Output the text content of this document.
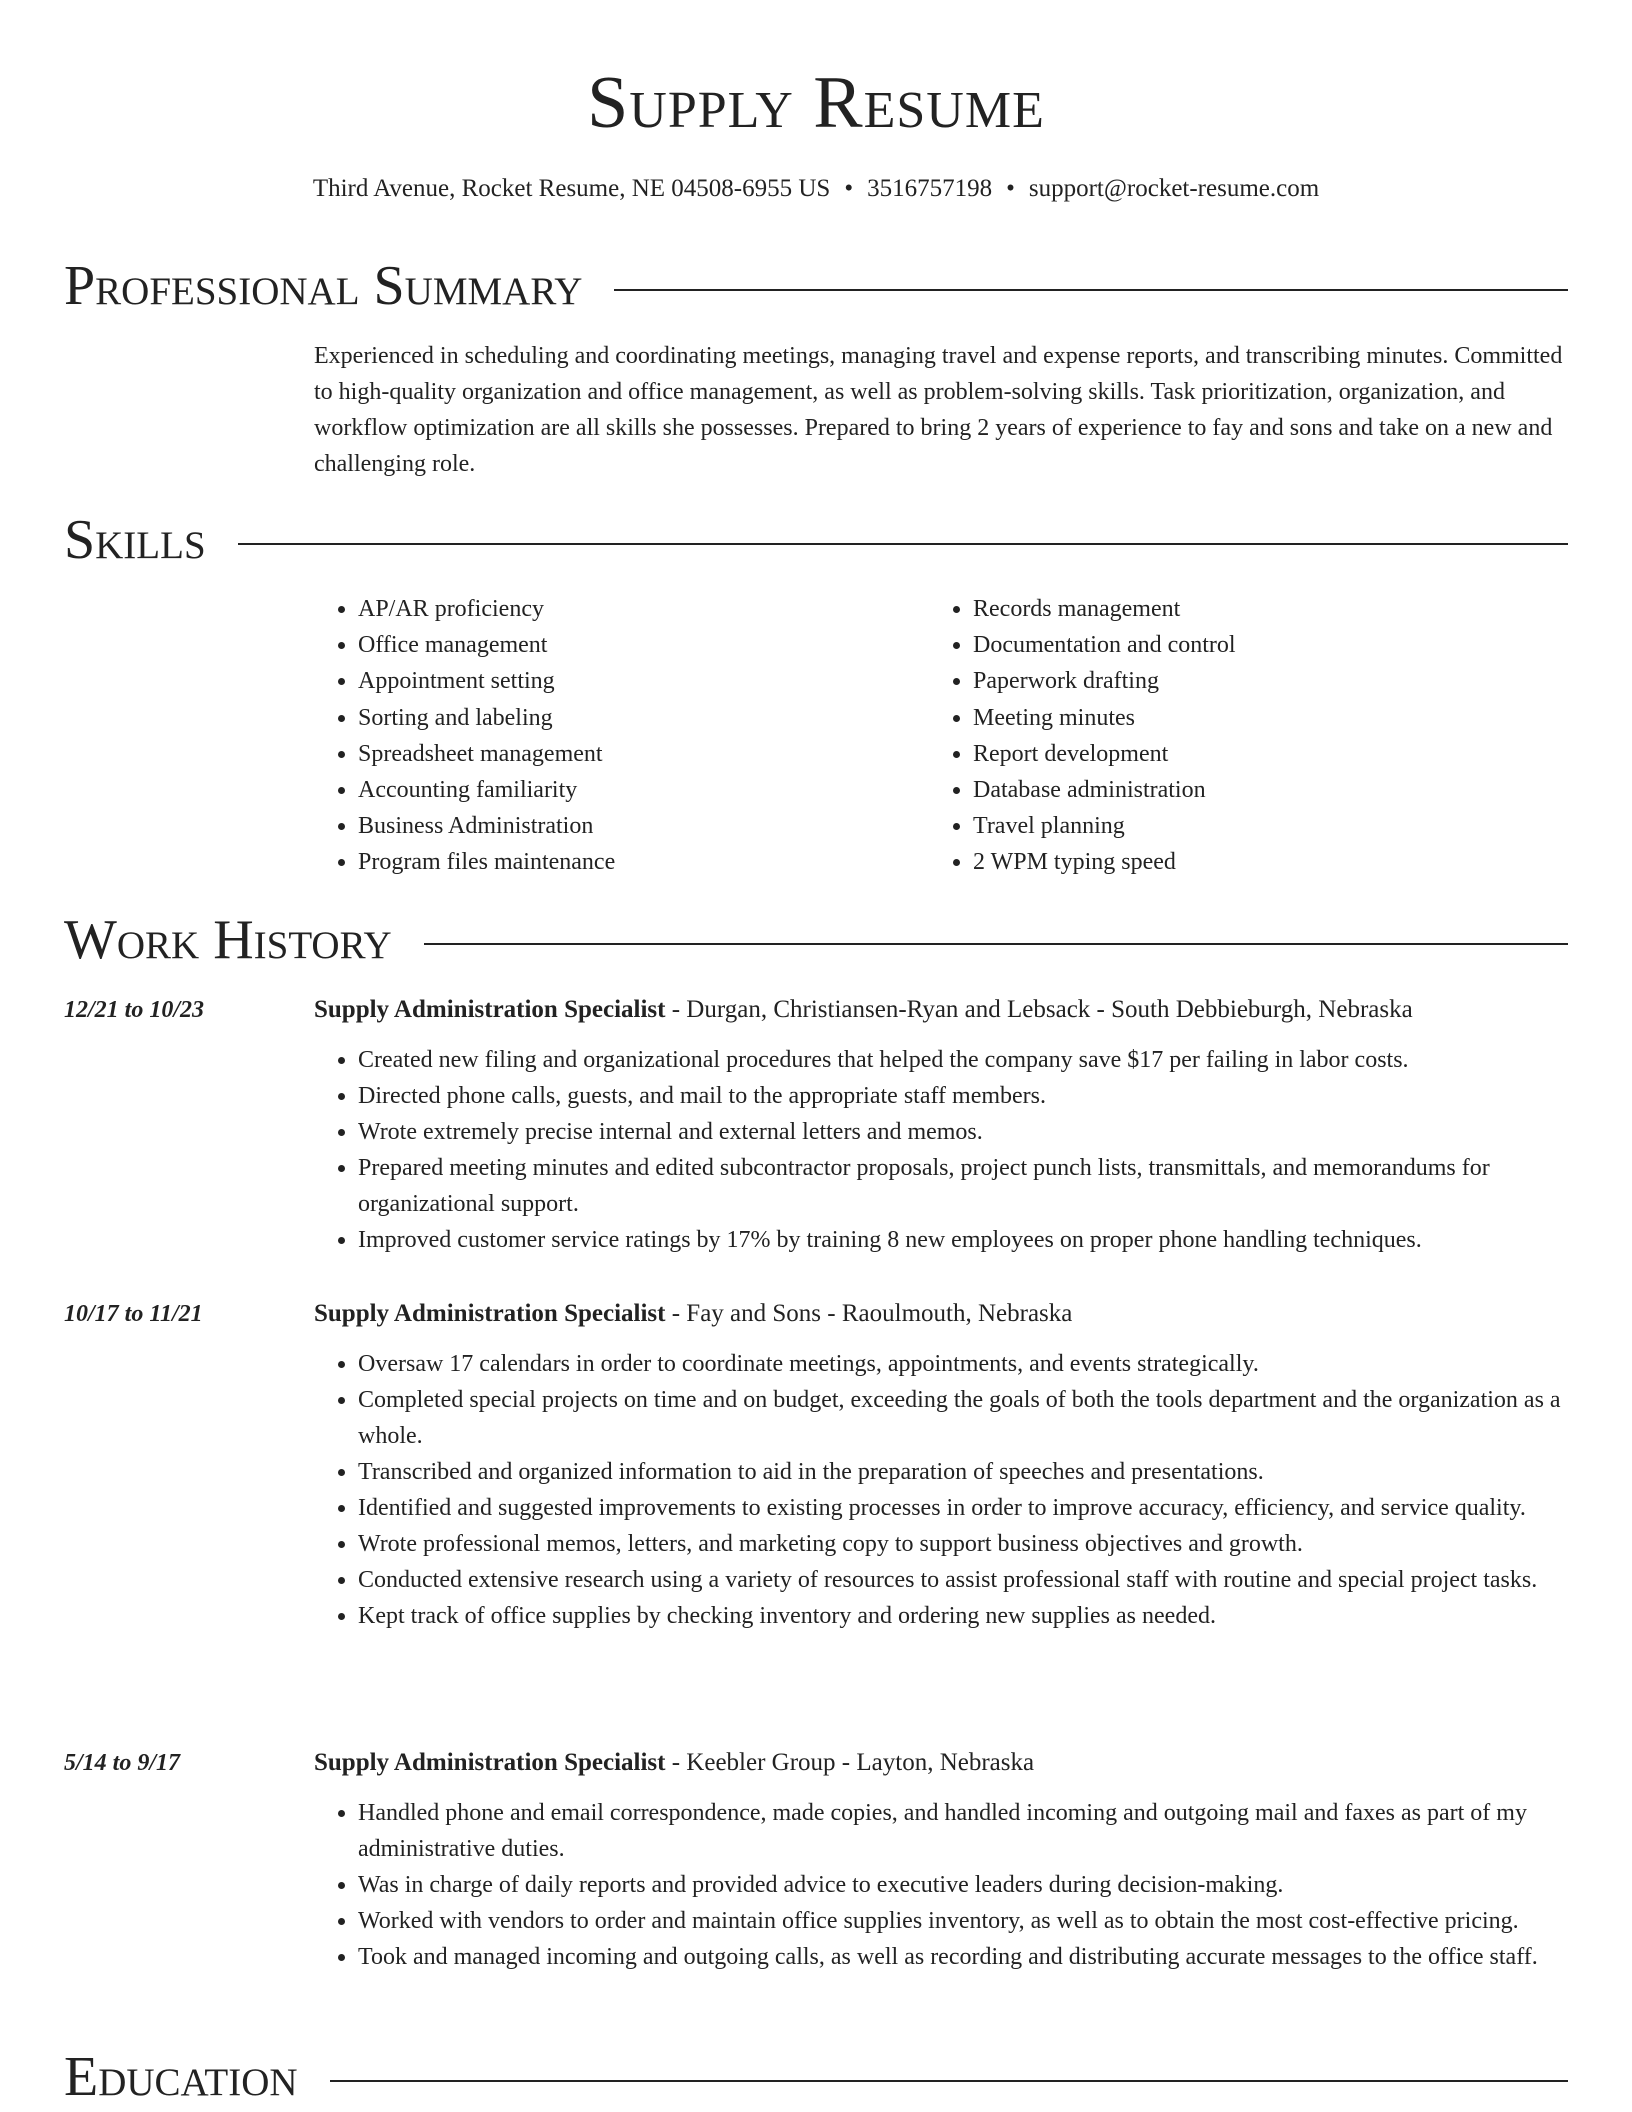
Supply Resume
Third Avenue, Rocket Resume, NE 04508-6955 US • 3516757198 • support@rocket-resume.com
Professional Summary

Experienced in scheduling and coordinating meetings, managing travel and expense reports, and transcribing minutes. Committed to high-quality organization and office management, as well as problem-solving skills. Task prioritization, organization, and workflow optimization are all skills she possesses. Prepared to bring 2 years of experience to fay and sons and take on a new and challenging role.

Skills
• AP/AR proficiency
• Office management
• Appointment setting
• Sorting and labeling
• Spreadsheet management
• Accounting familiarity
• Business Administration
• Program files maintenance
• Records management
• Documentation and control
• Paperwork drafting
• Meeting minutes
• Report development
• Database administration
• Travel planning
• 2 WPM typing speed
Work History
12/21 to 10/23	Supply Administration Specialist - Durgan, Christiansen-Ryan and Lebsack - South Debbieburgh, Nebraska
• Created new filing and organizational procedures that helped the company save $17 per failing in labor costs.
• Directed phone calls, guests, and mail to the appropriate staff members.
• Wrote extremely precise internal and external letters and memos.
• Prepared meeting minutes and edited subcontractor proposals, project punch lists, transmittals, and memorandums for organizational support.
• Improved customer service ratings by 17% by training 8 new employees on proper phone handling techniques.
10/17 to 11/21	Supply Administration Specialist - Fay and Sons - Raoulmouth, Nebraska
• Oversaw 17 calendars in order to coordinate meetings, appointments, and events strategically.
• Completed special projects on time and on budget, exceeding the goals of both the tools department and the organization as a whole.
• Transcribed and organized information to aid in the preparation of speeches and presentations.
• Identified and suggested improvements to existing processes in order to improve accuracy, efficiency, and service quality.
• Wrote professional memos, letters, and marketing copy to support business objectives and growth.
• Conducted extensive research using a variety of resources to assist professional staff with routine and special project tasks.
• Kept track of office supplies by checking inventory and ordering new supplies as needed.
5/14 to 9/17	Supply Administration Specialist - Keebler Group - Layton, Nebraska
• Handled phone and email correspondence, made copies, and handled incoming and outgoing mail and faxes as part of my administrative duties.
• Was in charge of daily reports and provided advice to executive leaders during decision-making.
• Worked with vendors to order and maintain office supplies inventory, as well as to obtain the most cost-effective pricing.
• Took and managed incoming and outgoing calls, as well as recording and distributing accurate messages to the office staff.
Education
